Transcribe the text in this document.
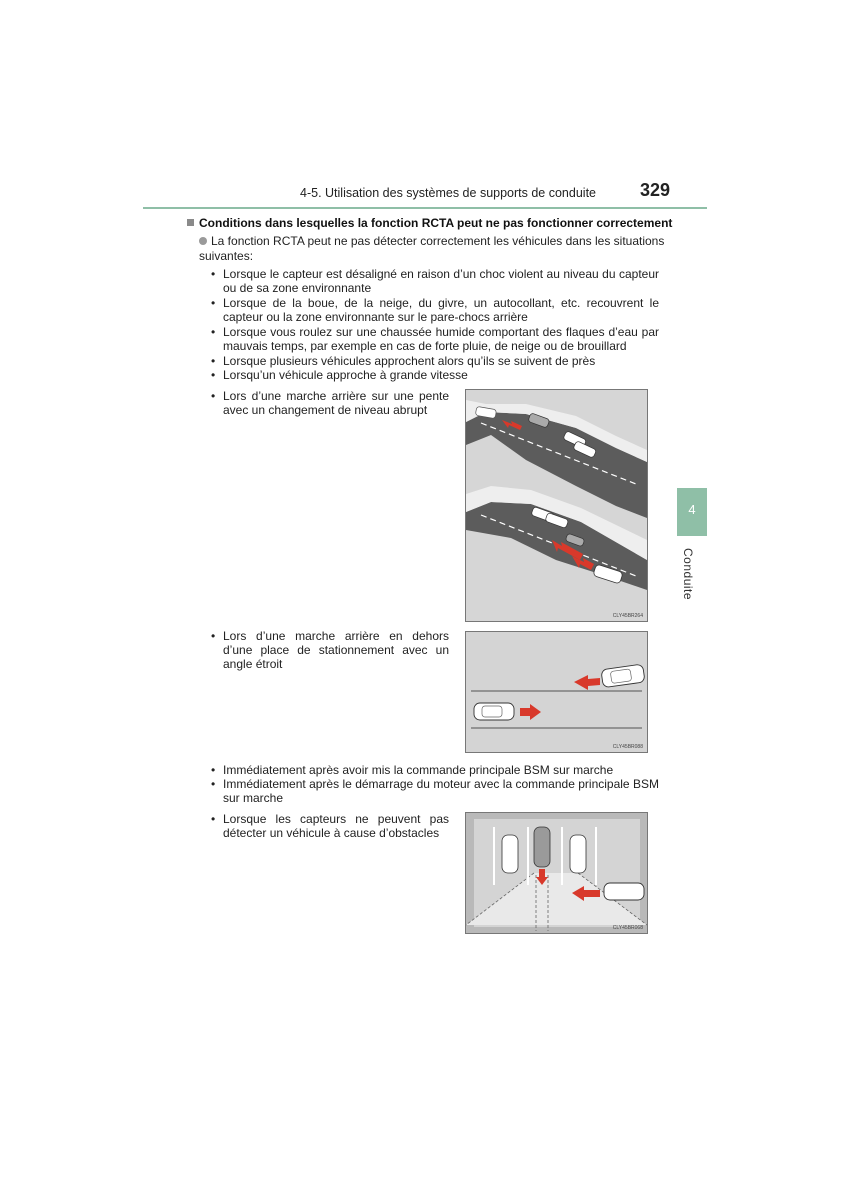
4-5. Utilisation des systèmes de supports de conduite 329
4
Conduite
Conditions dans lesquelles la fonction RCTA peut ne pas fonctionner correctement
La fonction RCTA peut ne pas détecter correctement les véhicules dans les situations suivantes:
• Lorsque le capteur est désaligné en raison d’un choc violent au niveau du capteur ou de sa zone environnante
• Lorsque de la boue, de la neige, du givre, un autocollant, etc. recouvrent le capteur ou la zone environnante sur le pare-chocs arrière
• Lorsque vous roulez sur une chaussée humide comportant des flaques d’eau par mauvais temps, par exemple en cas de forte pluie, de neige ou de brouillard
• Lorsque plusieurs véhicules approchent alors qu’ils se suivent de près
• Lorsqu’un véhicule approche à grande vitesse
• Lors d’une marche arrière sur une pente avec un changement de niveau abrupt
• Lors d’une marche arrière en dehors d’une place de stationnement avec un angle étroit
• Immédiatement après avoir mis la commande principale BSM sur marche
• Immédiatement après le démarrage du moteur avec la commande principale BSM sur marche
• Lorsque les capteurs ne peuvent pas détecter un véhicule à cause d’obstacles
CLY45BR264
CLY45BR088
CLY45BR068
